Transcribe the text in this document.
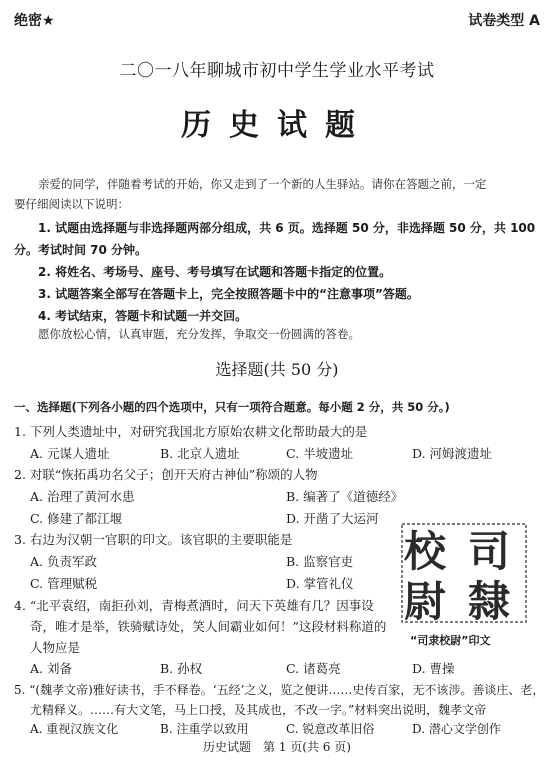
绝密★	试卷类型 A
二〇一八年聊城市初中学生学业水平考试
历史试题
亲爱的同学，伴随着考试的开始，你又走到了一个新的人生驿站。请你在答题之前，一定
要仔细阅读以下说明：
1. 试题由选择题与非选择题两部分组成，共 6 页。选择题 50 分，非选择题 50 分，共 100
分。考试时间 70 分钟。
2. 将姓名、考场号、座号、考号填写在试题和答题卡指定的位置。
3. 试题答案全部写在答题卡上，完全按照答题卡中的“注意事项”答题。
4. 考试结束，答题卡和试题一并交回。
愿你放松心情，认真审题，充分发挥，争取交一份圆满的答卷。
选择题(共 50 分)
一、选择题(下列各小题的四个选项中，只有一项符合题意。每小题 2 分，共 50 分。)
1. 下列人类遗址中，对研究我国北方原始农耕文化帮助最大的是
A. 元谋人遗址	B. 北京人遗址	C. 半坡遗址	D. 河姆渡遗址
2. 对联“恢拓禹功名父子；创开天府古神仙”称颂的人物
A. 治理了黄河水患	B. 编著了《道德经》
C. 修建了都江堰	D. 开凿了大运河
3. 右边为汉朝一官职的印文。该官职的主要职能是
A. 负责军政	B. 监察官吏
C. 管理赋税	D. 掌管礼仪
4. “北平袁绍，南拒孙刘，青梅煮酒时，问天下英雄有几？因事设
奇，唯才是举，铁骑赋诗处，笑人间霸业如何！”这段材料称道的
人物应是
A. 刘备	B. 孙权	C. 诸葛亮	D. 曹操
5. “(魏孝文帝)雅好读书，手不释卷。‘五经’之义，览之便讲……史传百家，无不该涉。善谈庄、老，
尤精释义。……有大文笔，马上口授，及其成也，不改一字。”材料突出说明，魏孝文帝
A. 重视汉族文化	B. 注重学以致用	C. 锐意改革旧俗	D. 潜心文学创作
司
隸
校
尉
“司隶校尉”印文
历史试题　第 1 页(共 6 页)
